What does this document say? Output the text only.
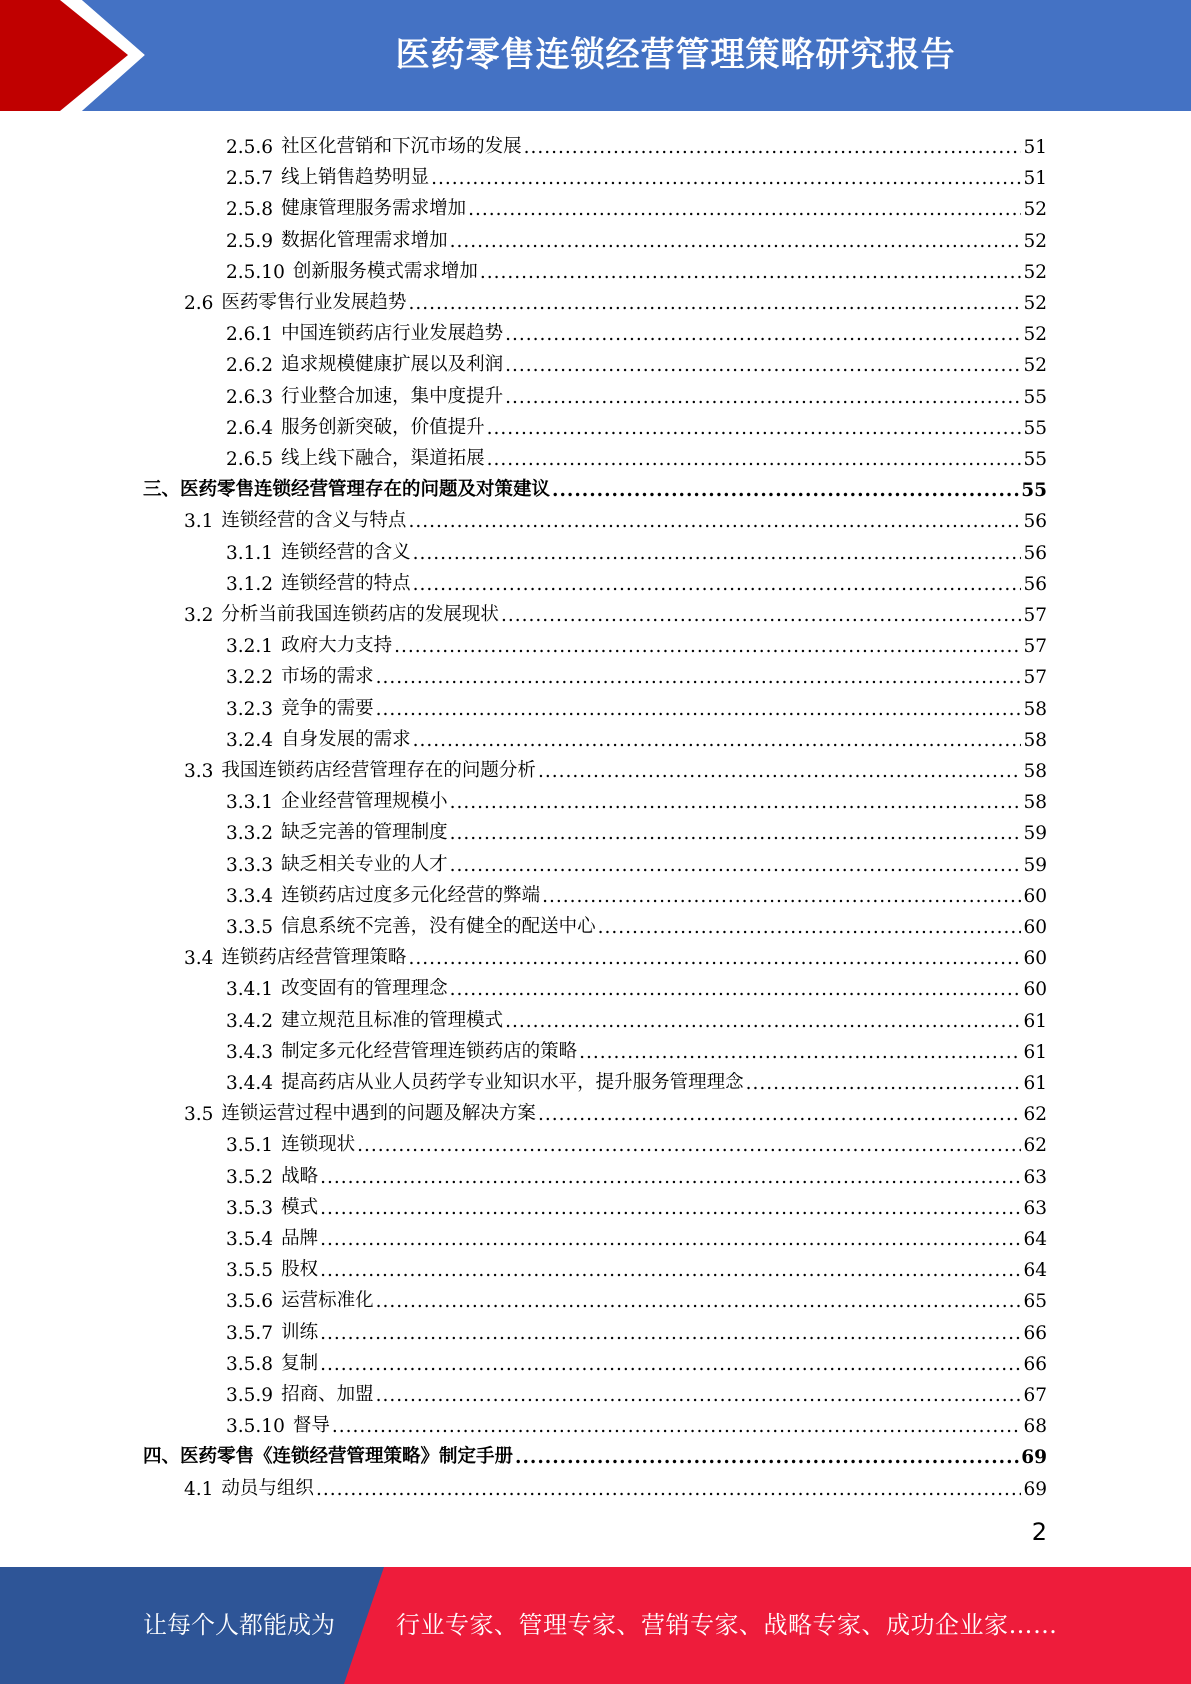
医药零售连锁经营管理策略研究报告
2.5.6 社区化营销和下沉市场的发展 .....	51
2.5.7 线上销售趋势明显 .....	51
2.5.8 健康管理服务需求增加 .....	52
2.5.9 数据化管理需求增加 .....	52
2.5.10 创新服务模式需求增加 .....	52
2.6 医药零售行业发展趋势 .....	52
2.6.1 中国连锁药店行业发展趋势 .....	52
2.6.2 追求规模健康扩展以及利润 .....	52
2.6.3 行业整合加速，集中度提升 .....	55
2.6.4 服务创新突破，价值提升 .....	55
2.6.5 线上线下融合，渠道拓展 .....	55
三、医药零售连锁经营管理存在的问题及对策建议 .....	55
3.1 连锁经营的含义与特点 .....	56
3.1.1 连锁经营的含义 .....	56
3.1.2 连锁经营的特点 .....	56
3.2 分析当前我国连锁药店的发展现状 .....	57
3.2.1 政府大力支持 .....	57
3.2.2 市场的需求 .....	57
3.2.3 竞争的需要 .....	58
3.2.4 自身发展的需求 .....	58
3.3 我国连锁药店经营管理存在的问题分析 .....	58
3.3.1 企业经营管理规模小 .....	58
3.3.2 缺乏完善的管理制度 .....	59
3.3.3 缺乏相关专业的人才 .....	59
3.3.4 连锁药店过度多元化经营的弊端 .....	60
3.3.5 信息系统不完善，没有健全的配送中心 .....	60
3.4 连锁药店经营管理策略 .....	60
3.4.1 改变固有的管理理念 .....	60
3.4.2 建立规范且标准的管理模式 .....	61
3.4.3 制定多元化经营管理连锁药店的策略 .....	61
3.4.4 提高药店从业人员药学专业知识水平，提升服务管理理念 .....	61
3.5 连锁运营过程中遇到的问题及解决方案 .....	62
3.5.1 连锁现状 .....	62
3.5.2 战略 .....	63
3.5.3 模式 .....	63
3.5.4 品牌 .....	64
3.5.5 股权 .....	64
3.5.6 运营标准化 .....	65
3.5.7 训练 .....	66
3.5.8 复制 .....	66
3.5.9 招商、加盟 .....	67
3.5.10 督导 .....	68
四、医药零售《连锁经营管理策略》制定手册 .....	69
4.1 动员与组织 .....	69
2
让每个人都能成为	行业专家、管理专家、营销专家、战略专家、成功企业家……
